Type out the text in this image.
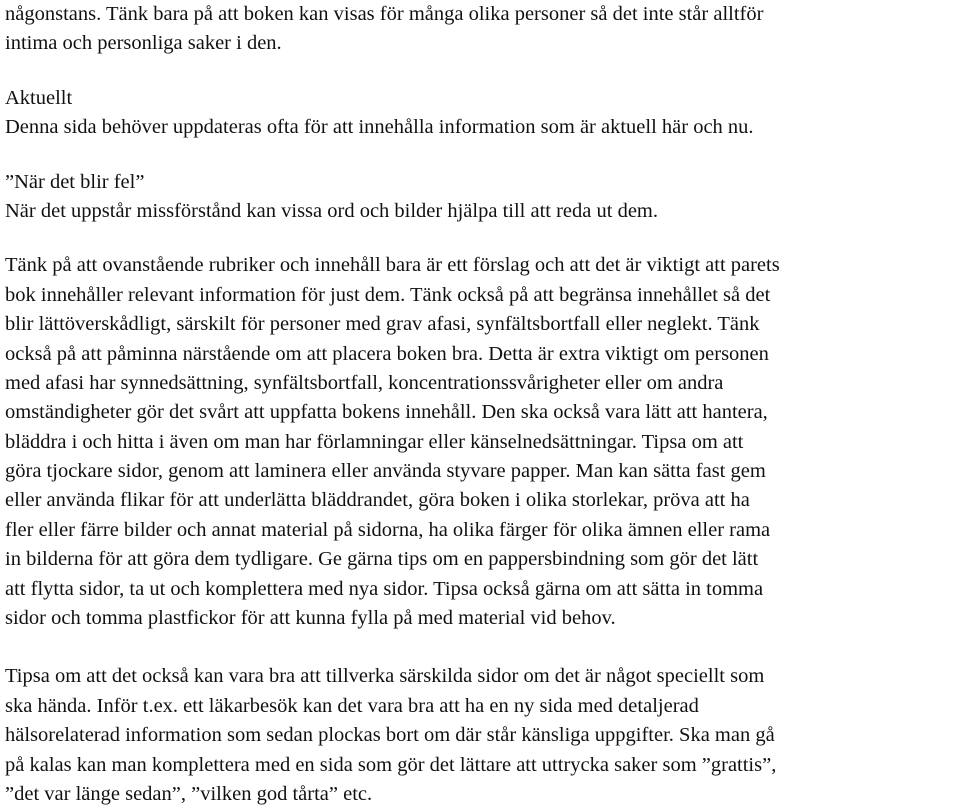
någonstans. Tänk bara på att boken kan visas för många olika personer så det inte står alltför
intima och personliga saker i den.
Aktuellt
Denna sida behöver uppdateras ofta för att innehålla information som är aktuell här och nu.
”När det blir fel”
När det uppstår missförstånd kan vissa ord och bilder hjälpa till att reda ut dem.
Tänk på att ovanstående rubriker och innehåll bara är ett förslag och att det är viktigt att parets
bok innehåller relevant information för just dem. Tänk också på att begränsa innehållet så det
blir lättöverskådligt, särskilt för personer med grav afasi, synfältsbortfall eller neglekt. Tänk
också på att påminna närstående om att placera boken bra. Detta är extra viktigt om personen
med afasi har synnedsättning, synfältsbortfall, koncentrationssvårigheter eller om andra
omständigheter gör det svårt att uppfatta bokens innehåll. Den ska också vara lätt att hantera,
bläddra i och hitta i även om man har förlamningar eller känselnedsättningar. Tipsa om att
göra tjockare sidor, genom att laminera eller använda styvare papper. Man kan sätta fast gem
eller använda flikar för att underlätta bläddrandet, göra boken i olika storlekar, pröva att ha
fler eller färre bilder och annat material på sidorna, ha olika färger för olika ämnen eller rama
in bilderna för att göra dem tydligare. Ge gärna tips om en pappersbindning som gör det lätt
att flytta sidor, ta ut och komplettera med nya sidor. Tipsa också gärna om att sätta in tomma
sidor och tomma plastfickor för att kunna fylla på med material vid behov.
Tipsa om att det också kan vara bra att tillverka särskilda sidor om det är något speciellt som
ska hända. Inför t.ex. ett läkarbesök kan det vara bra att ha en ny sida med detaljerad
hälsorelaterad information som sedan plockas bort om där står känsliga uppgifter. Ska man gå
på kalas kan man komplettera med en sida som gör det lättare att uttrycka saker som ”grattis”,
”det var länge sedan”, ”vilken god tårta” etc.
